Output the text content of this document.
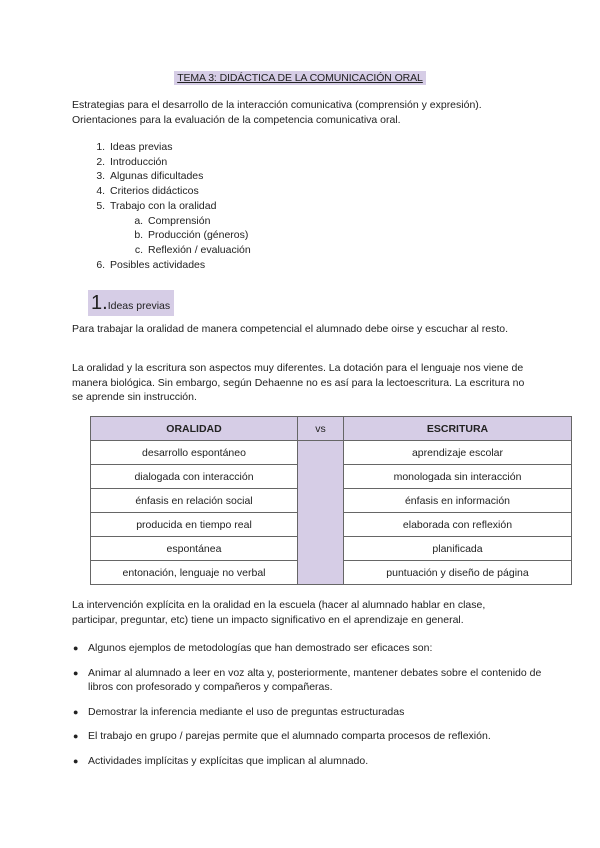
TEMA 3: DIDÁCTICA DE LA COMUNICACIÓN ORAL

Estrategias para el desarrollo de la interacción comunicativa (comprensión y expresión).
Orientaciones para la evaluación de la competencia comunicativa oral.

1. Ideas previas
2. Introducción
3. Algunas dificultades
4. Criterios didácticos
5. Trabajo con la oralidad
a. Comprensión
b. Producción (géneros)
c. Reflexión / evaluación
6. Posibles actividades
1. Ideas previas

Para trabajar la oralidad de manera competencial el alumnado debe oirse y escuchar al resto.

La oralidad y la escritura son aspectos muy diferentes. La dotación para el lenguaje nos viene de manera biológica. Sin embargo, según Dehaenne no es así para la lectoescritura. La escritura no se aprende sin instrucción.

ORALIDAD	vs	ESCRITURA
desarrollo espontáneo		aprendizaje escolar
dialogada con interacción		monologada sin interacción
énfasis en relación social		énfasis en información
producida en tiempo real		elaborada con reflexión
espontánea		planificada
entonación, lenguaje no verbal		puntuación y diseño de página

La intervención explícita en la oralidad en la escuela (hacer al alumnado hablar en clase, participar, preguntar, etc) tiene un impacto significativo en el aprendizaje en general.

● Algunos ejemplos de metodologías que han demostrado ser eficaces son:
● Animar al alumnado a leer en voz alta y, posteriormente, mantener debates sobre el contenido de libros con profesorado y compañeros y compañeras.
● Demostrar la inferencia mediante el uso de preguntas estructuradas
● El trabajo en grupo / parejas permite que el alumnado comparta procesos de reflexión.
● Actividades implícitas y explícitas que implican al alumnado.
